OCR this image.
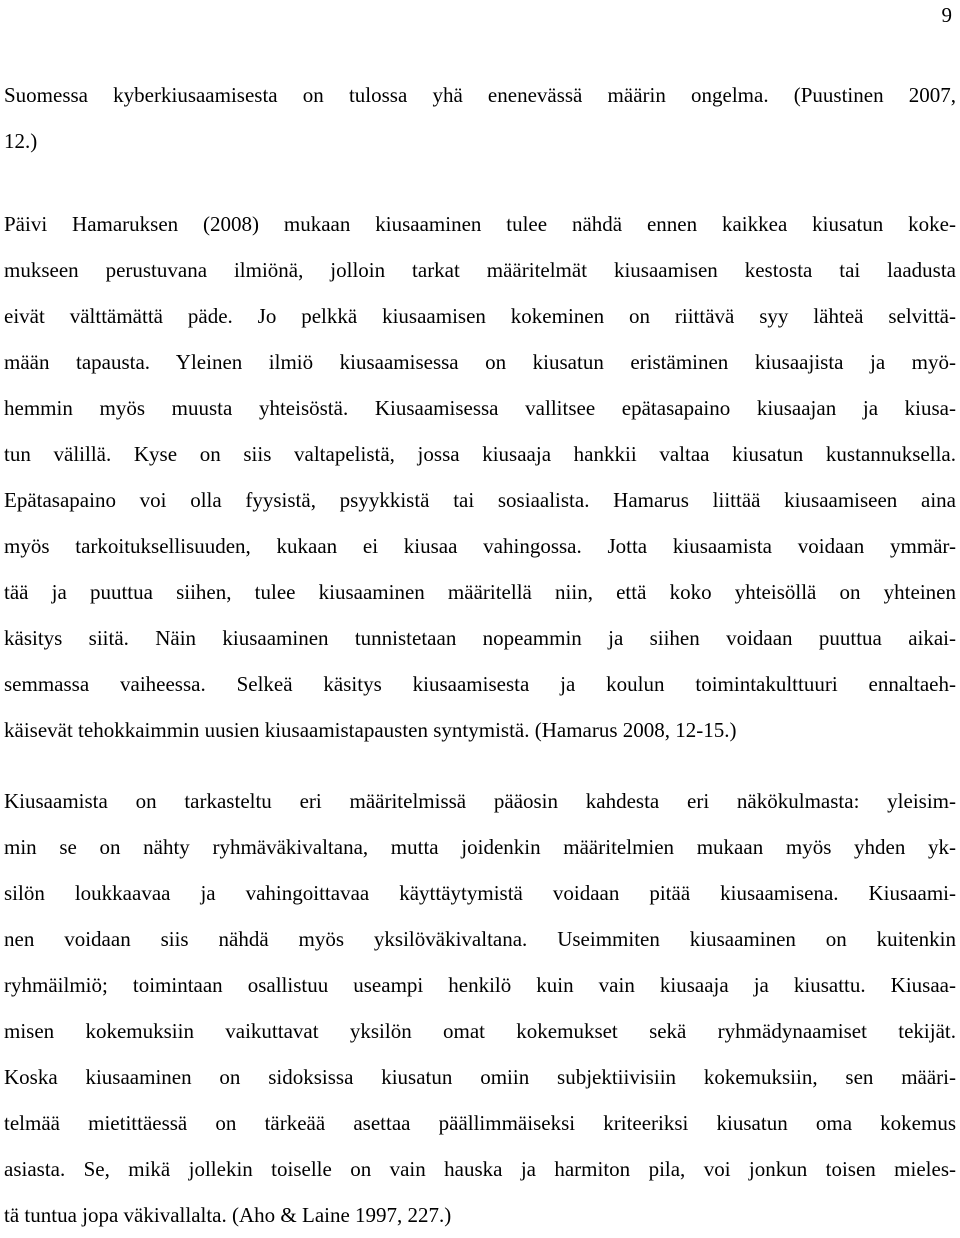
9
Suomessa kyberkiusaamisesta on tulossa yhä enenevässä määrin ongelma. (Puustinen 2007,
12.)
Päivi Hamaruksen (2008) mukaan kiusaaminen tulee nähdä ennen kaikkea kiusatun koke-
mukseen perustuvana ilmiönä, jolloin tarkat määritelmät kiusaamisen kestosta tai laadusta
eivät välttämättä päde. Jo pelkkä kiusaamisen kokeminen on riittävä syy lähteä selvittä-
mään tapausta. Yleinen ilmiö kiusaamisessa on kiusatun eristäminen kiusaajista ja myö-
hemmin myös muusta yhteisöstä. Kiusaamisessa vallitsee epätasapaino kiusaajan ja kiusa-
tun välillä. Kyse on siis valtapelistä, jossa kiusaaja hankkii valtaa kiusatun kustannuksella.
Epätasapaino voi olla fyysistä, psyykkistä tai sosiaalista. Hamarus liittää kiusaamiseen aina
myös tarkoituksellisuuden, kukaan ei kiusaa vahingossa. Jotta kiusaamista voidaan ymmär-
tää ja puuttua siihen, tulee kiusaaminen määritellä niin, että koko yhteisöllä on yhteinen
käsitys siitä. Näin kiusaaminen tunnistetaan nopeammin ja siihen voidaan puuttua aikai-
semmassa vaiheessa. Selkeä käsitys kiusaamisesta ja koulun toimintakulttuuri ennaltaeh-
käisevät tehokkaimmin uusien kiusaamistapausten syntymistä. (Hamarus 2008, 12-15.)
Kiusaamista on tarkasteltu eri määritelmissä pääosin kahdesta eri näkökulmasta: yleisim-
min se on nähty ryhmäväkivaltana, mutta joidenkin määritelmien mukaan myös yhden yk-
silön loukkaavaa ja vahingoittavaa käyttäytymistä voidaan pitää kiusaamisena. Kiusaami-
nen voidaan siis nähdä myös yksilöväkivaltana. Useimmiten kiusaaminen on kuitenkin
ryhmäilmiö; toimintaan osallistuu useampi henkilö kuin vain kiusaaja ja kiusattu. Kiusaa-
misen kokemuksiin vaikuttavat yksilön omat kokemukset sekä ryhmädynaamiset tekijät.
Koska kiusaaminen on sidoksissa kiusatun omiin subjektiivisiin kokemuksiin, sen määri-
telmää mietittäessä on tärkeää asettaa päällimmäiseksi kriteeriksi kiusatun oma kokemus
asiasta. Se, mikä jollekin toiselle on vain hauska ja harmiton pila, voi jonkun toisen mieles-
tä tuntua jopa väkivallalta. (Aho & Laine 1997, 227.)
